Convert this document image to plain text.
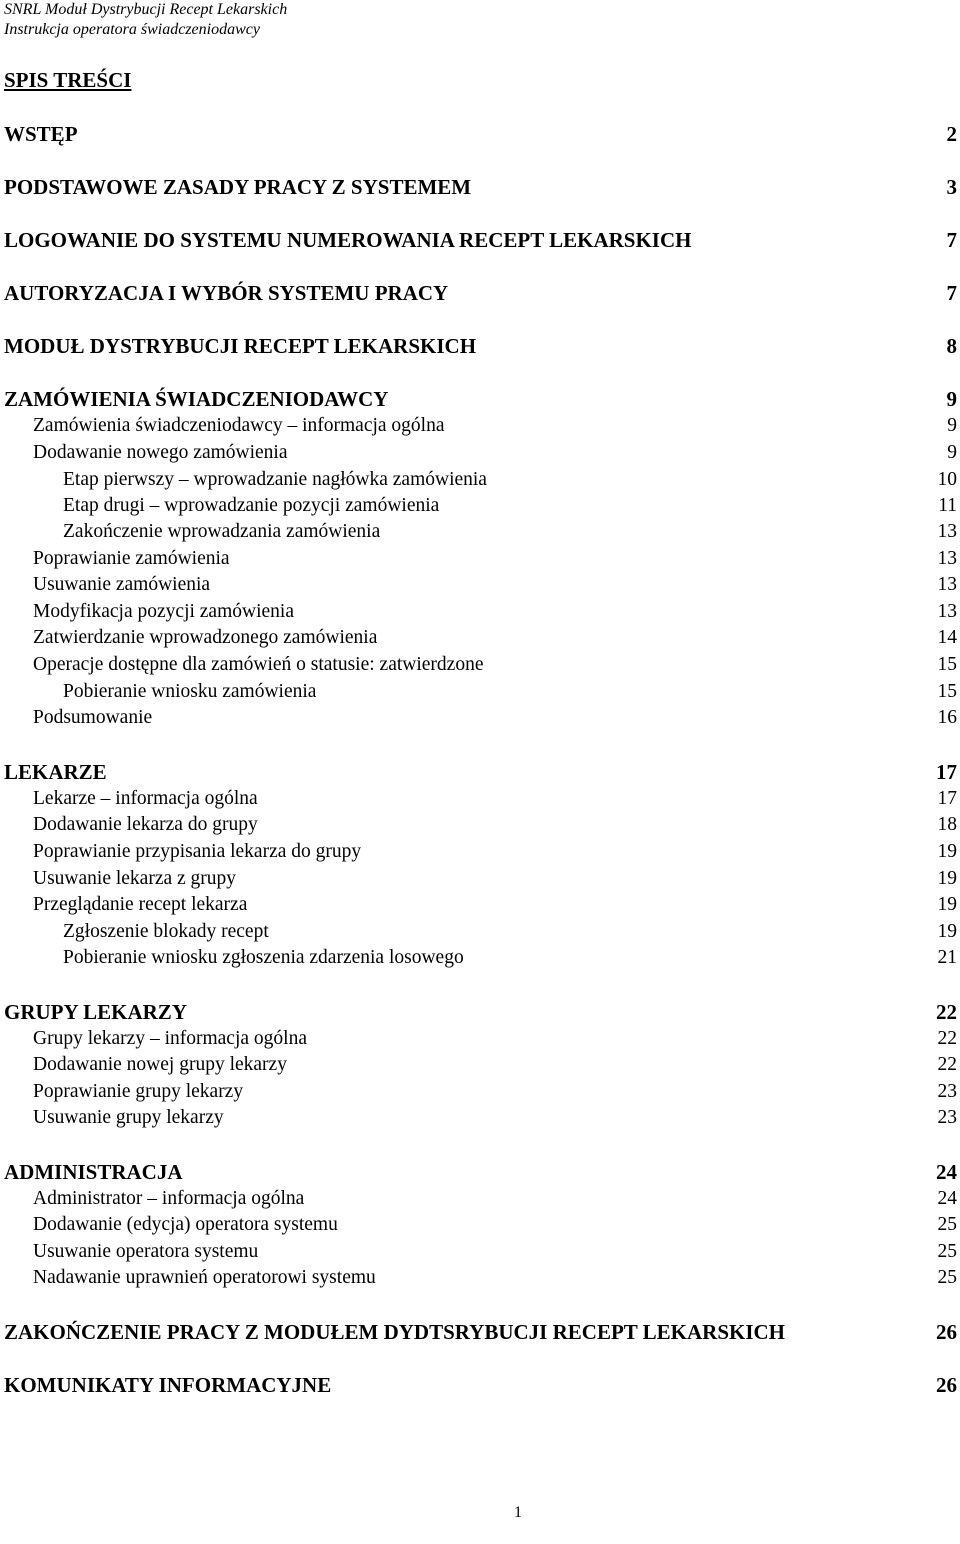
SNRL Moduł Dystrybucji Recept Lekarskich
Instrukcja operatora świadczeniodawcy
SPIS TREŚCI
WSTĘP	2
PODSTAWOWE ZASADY PRACY Z SYSTEMEM	3
LOGOWANIE DO SYSTEMU NUMEROWANIA RECEPT LEKARSKICH	7
AUTORYZACJA I WYBÓR SYSTEMU PRACY	7
MODUŁ DYSTRYBUCJI RECEPT LEKARSKICH	8
ZAMÓWIENIA ŚWIADCZENIODAWCY	9
Zamówienia świadczeniodawcy – informacja ogólna	9
Dodawanie nowego zamówienia	9
Etap pierwszy – wprowadzanie nagłówka zamówienia	10
Etap drugi – wprowadzanie pozycji zamówienia	11
Zakończenie wprowadzania zamówienia	13
Poprawianie zamówienia	13
Usuwanie zamówienia	13
Modyfikacja pozycji zamówienia	13
Zatwierdzanie wprowadzonego zamówienia	14
Operacje dostępne dla zamówień o statusie: zatwierdzone	15
Pobieranie wniosku zamówienia	15
Podsumowanie	16
LEKARZE	17
Lekarze – informacja ogólna	17
Dodawanie lekarza do grupy	18
Poprawianie przypisania lekarza do grupy	19
Usuwanie lekarza z grupy	19
Przeglądanie recept lekarza	19
Zgłoszenie blokady recept	19
Pobieranie wniosku zgłoszenia zdarzenia losowego	21
GRUPY LEKARZY	22
Grupy lekarzy – informacja ogólna	22
Dodawanie nowej grupy lekarzy	22
Poprawianie grupy lekarzy	23
Usuwanie grupy lekarzy	23
ADMINISTRACJA	24
Administrator – informacja ogólna	24
Dodawanie (edycja) operatora systemu	25
Usuwanie operatora systemu	25
Nadawanie uprawnień operatorowi systemu	25
ZAKOŃCZENIE PRACY Z MODUŁEM DYDTSRYBUCJI RECEPT LEKARSKICH	26
KOMUNIKATY INFORMACYJNE	26
1
